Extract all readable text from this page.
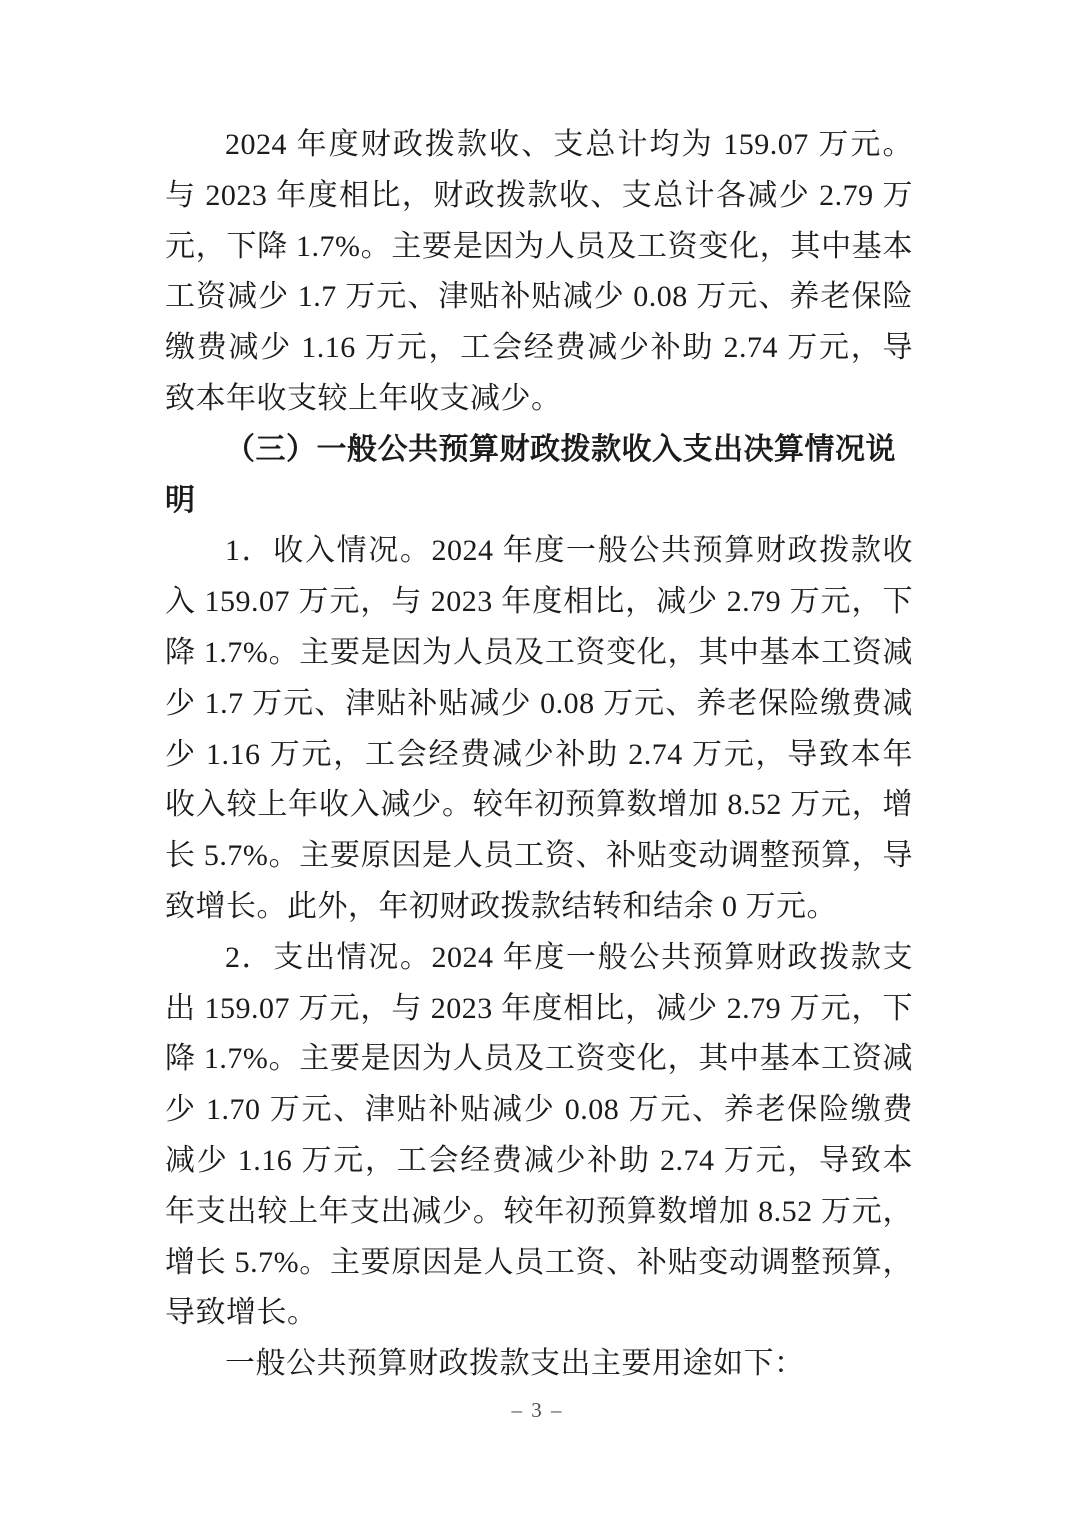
2024 年度财政拨款收、支总计均为 159.07 万元。与 2023 年度相比，财政拨款收、支总计各减少 2.79 万元，下降 1.7%。主要是因为人员及工资变化，其中基本工资减少 1.7 万元、津贴补贴减少 0.08 万元、养老保险缴费减少 1.16 万元，工会经费减少补助 2.74 万元，导致本年收支较上年收支减少。

（三）一般公共预算财政拨款收入支出决算情况说明

1．收入情况。2024 年度一般公共预算财政拨款收入 159.07 万元，与 2023 年度相比，减少 2.79 万元，下降 1.7%。主要是因为人员及工资变化，其中基本工资减少 1.7 万元、津贴补贴减少 0.08 万元、养老保险缴费减少 1.16 万元，工会经费减少补助 2.74 万元，导致本年收入较上年收入减少。较年初预算数增加 8.52 万元，增长 5.7%。主要原因是人员工资、补贴变动调整预算，导致增长。此外，年初财政拨款结转和结余 0 万元。

2．支出情况。2024 年度一般公共预算财政拨款支出 159.07 万元，与 2023 年度相比，减少 2.79 万元，下降 1.7%。主要是因为人员及工资变化，其中基本工资减少 1.70 万元、津贴补贴减少 0.08 万元、养老保险缴费减少 1.16 万元，工会经费减少补助 2.74 万元，导致本年支出较上年支出减少。较年初预算数增加 8.52 万元，增长 5.7%。主要原因是人员工资、补贴变动调整预算，导致增长。

一般公共预算财政拨款支出主要用途如下：

– 3 –
